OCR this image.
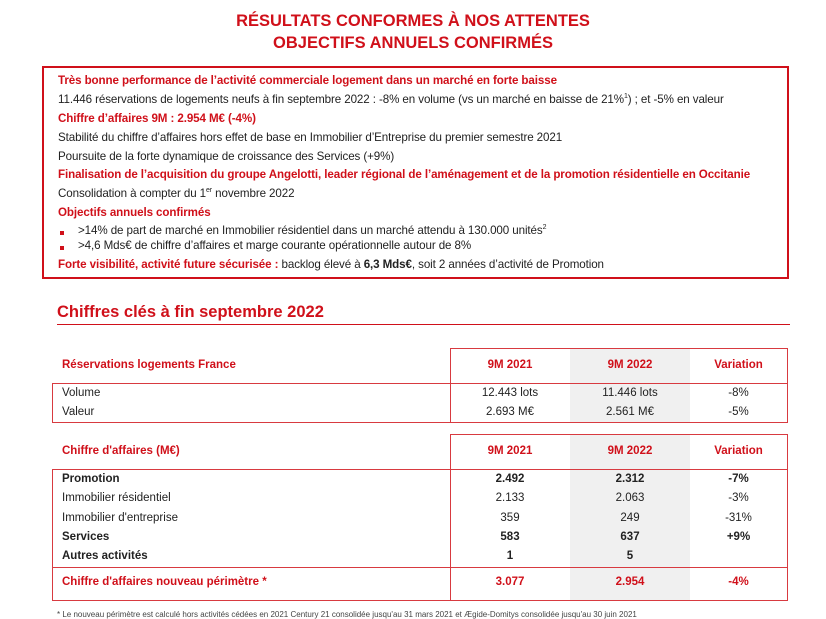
RÉSULTATS CONFORMES À NOS ATTENTES
OBJECTIFS ANNUELS CONFIRMÉS
Très bonne performance de l’activité commerciale logement dans un marché en forte baisse
11.446 réservations de logements neufs à fin septembre 2022 : -8% en volume (vs un marché en baisse de 21%$^1$) ; et -5% en valeur
Chiffre d’affaires 9M : 2.954 M€ (-4%)
Stabilité du chiffre d’affaires hors effet de base en Immobilier d’Entreprise du premier semestre 2021
Poursuite de la forte dynamique de croissance des Services (+9%)
Finalisation de l’acquisition du groupe Angelotti, leader régional de l’aménagement et de la promotion résidentielle en Occitanie
Consolidation à compter du 1er novembre 2022
Objectifs annuels confirmés
>14% de part de marché en Immobilier résidentiel dans un marché attendu à 130.000 unités$^2$
>4,6 Mds€ de chiffre d’affaires et marge courante opérationnelle autour de 8%
Forte visibilité, activité future sécurisée : backlog élevé à 6,3 Mds€, soit 2 années d’activité de Promotion
Chiffres clés à fin septembre 2022
Réservations logements France	9M 2021	9M 2022	Variation
Volume	12.443 lots	11.446 lots	-8%
Valeur	2.693 M€	2.561 M€	-5%
Chiffre d'affaires (M€)	9M 2021	9M 2022	Variation
Promotion	2.492	2.312	-7%
Immobilier résidentiel	2.133	2.063	-3%
Immobilier d'entreprise	359	249	-31%
Services	583	637	+9%
Autres activités	1	5
Chiffre d'affaires nouveau périmètre *	3.077	2.954	-4%
* Le nouveau périmètre est calculé hors activités cédées en 2021 Century 21 consolidée jusqu'au 31 mars 2021 et Ægide-Domitys consolidée jusqu'au 30 juin 2021
